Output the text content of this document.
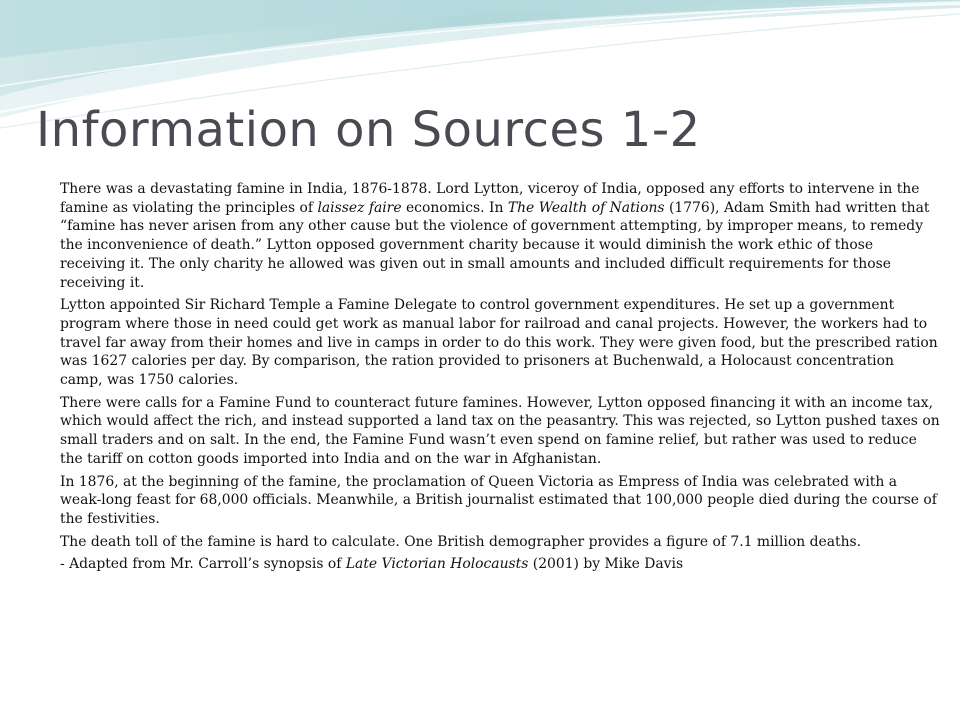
Information on Sources 1-2

There was a devastating famine in India, 1876-1878. Lord Lytton, viceroy of India, opposed any efforts to intervene in the famine as violating the principles of laissez faire economics. In The Wealth of Nations (1776), Adam Smith had written that “famine has never arisen from any other cause but the violence of government attempting, by improper means, to remedy the inconvenience of death.” Lytton opposed government charity because it would diminish the work ethic of those receiving it. The only charity he allowed was given out in small amounts and included difficult requirements for those receiving it.

Lytton appointed Sir Richard Temple a Famine Delegate to control government expenditures. He set up a government program where those in need could get work as manual labor for railroad and canal projects. However, the workers had to travel far away from their homes and live in camps in order to do this work. They were given food, but the prescribed ration was 1627 calories per day. By comparison, the ration provided to prisoners at Buchenwald, a Holocaust concentration camp, was 1750 calories.

There were calls for a Famine Fund to counteract future famines. However, Lytton opposed financing it with an income tax, which would affect the rich, and instead supported a land tax on the peasantry. This was rejected, so Lytton pushed taxes on small traders and on salt. In the end, the Famine Fund wasn’t even spend on famine relief, but rather was used to reduce the tariff on cotton goods imported into India and on the war in Afghanistan.

In 1876, at the beginning of the famine, the proclamation of Queen Victoria as Empress of India was celebrated with a weak-long feast for 68,000 officials. Meanwhile, a British journalist estimated that 100,000 people died during the course of the festivities.

The death toll of the famine is hard to calculate. One British demographer provides a figure of 7.1 million deaths.

- Adapted from Mr. Carroll’s synopsis of Late Victorian Holocausts (2001) by Mike Davis
